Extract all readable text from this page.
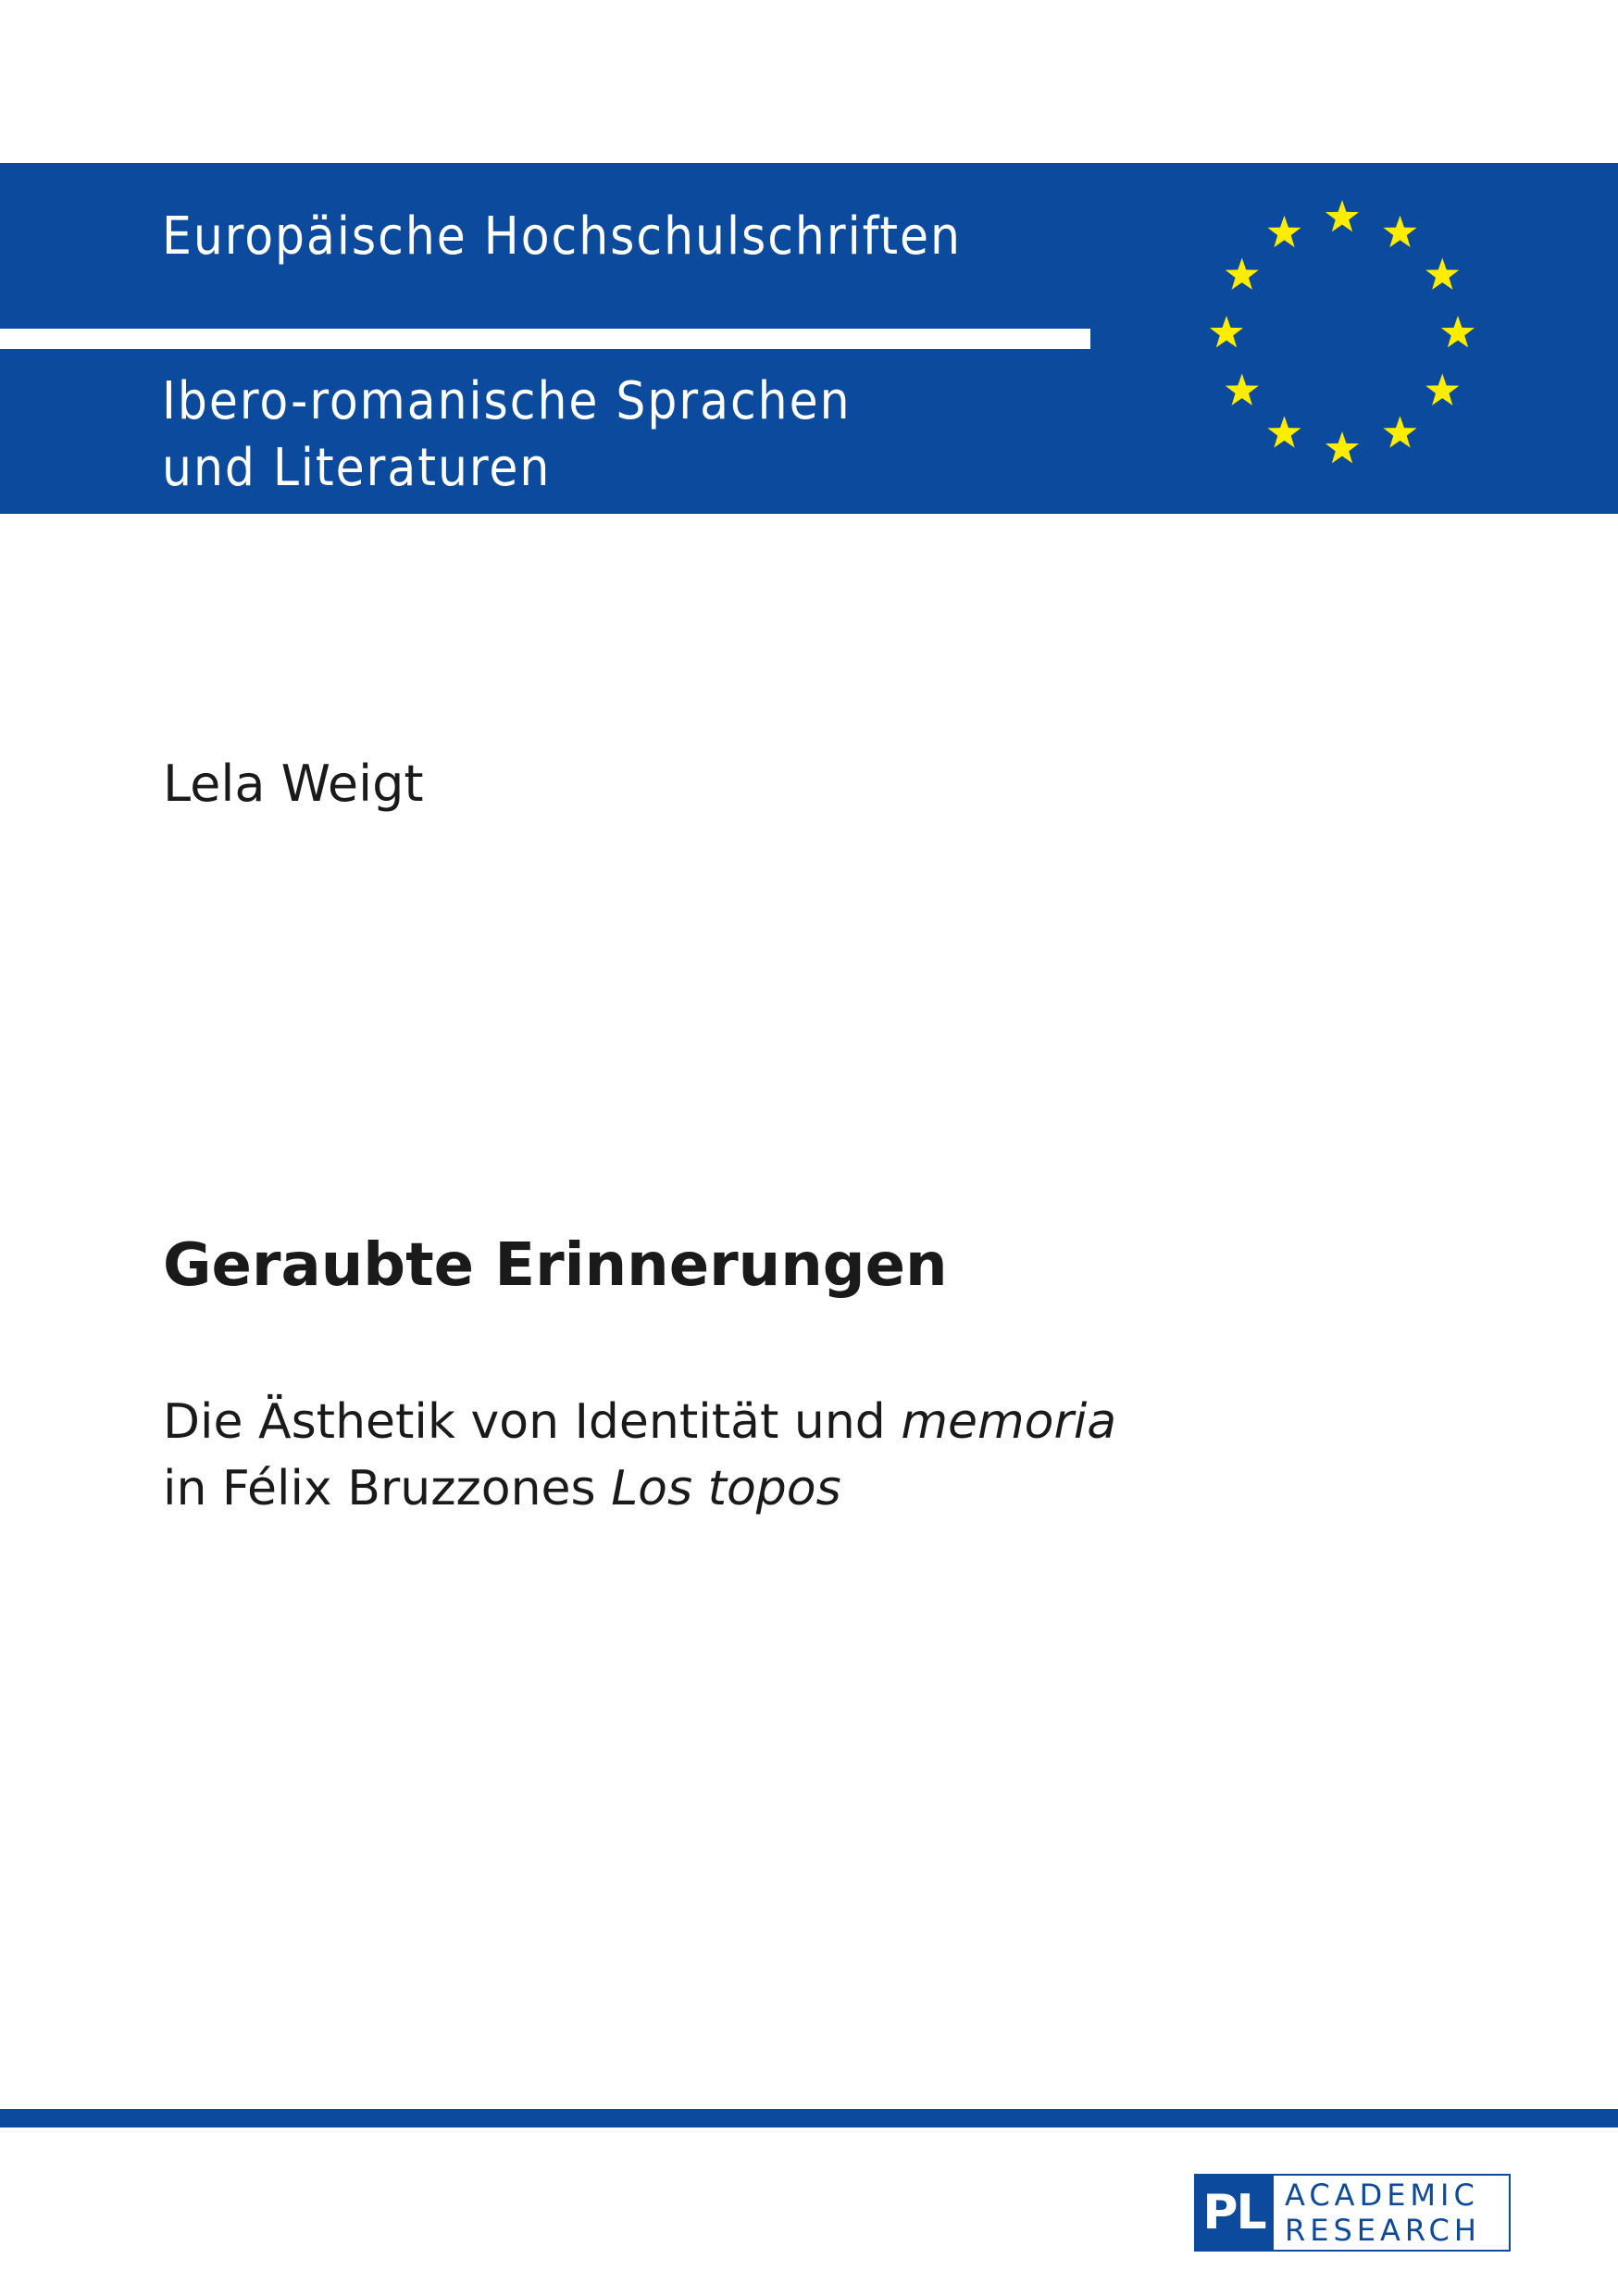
Europäische Hochschulschriften
Ibero-romanische Sprachen
und Literaturen
Lela Weigt
Geraubte Erinnerungen
Die Ästhetik von Identität und memoria
in Félix Bruzzones Los topos
PL ACADEMIC
RESEARCH
